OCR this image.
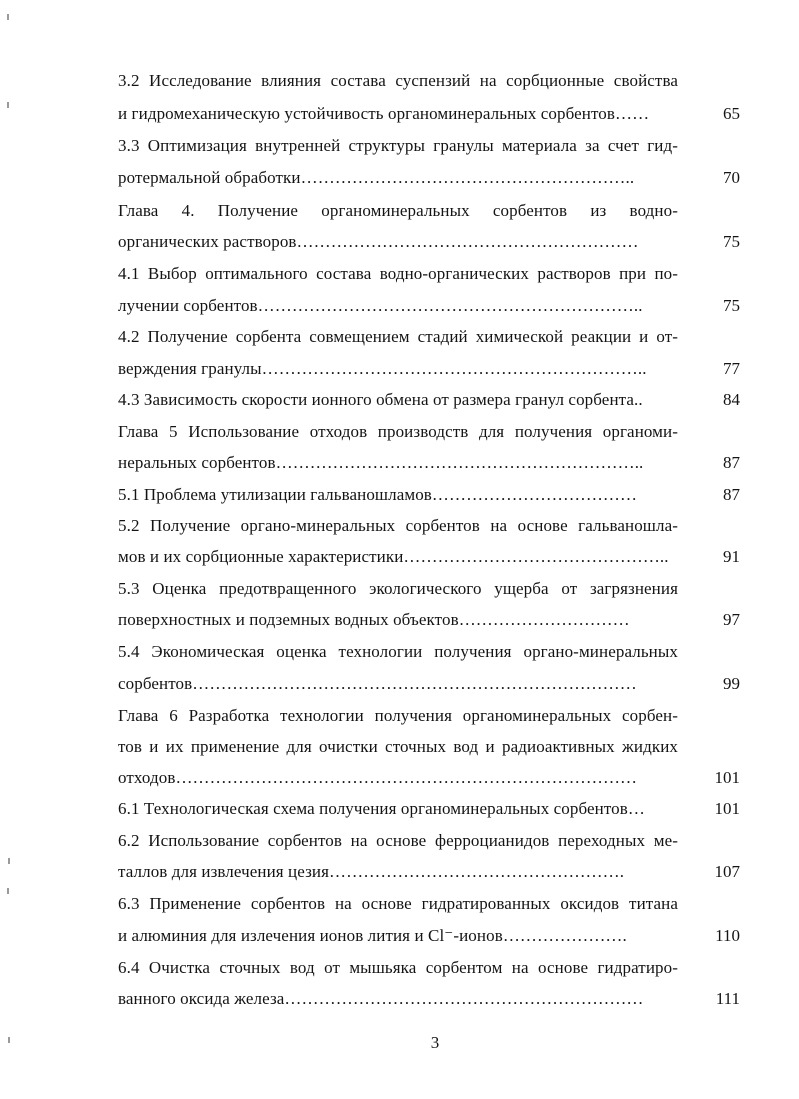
3.2 Исследование влияния состава суспензий на сорбционные свойства
и гидромеханическую устойчивость органоминеральных сорбентов……	65
3.3 Оптимизация внутренней структуры гранулы материала за счет гид-
ротермальной обработки…………………………………………………..	70
Глава 4. Получение органоминеральных сорбентов из водно-
органических растворов……………………………………………………	75
4.1 Выбор оптимального состава водно-органических растворов при по-
лучении сорбентов…………………………………………………………..	75
4.2 Получение сорбента совмещением стадий химической реакции и от-
верждения гранулы…………………………………………………………..	77
4.3 Зависимость скорости ионного обмена от размера гранул сорбента..	84
Глава 5 Использование отходов производств для получения органоми-
неральных сорбентов………………………………………………………..	87
5.1 Проблема утилизации гальваношламов………………………………	87
5.2 Получение органо-минеральных сорбентов на основе гальваношла-
мов и их сорбционные характеристики………………………………………..	91
5.3 Оценка предотвращенного экологического ущерба от загрязнения
поверхностных и подземных водных объектов…………………………	97
5.4 Экономическая оценка технологии получения органо-минеральных
сорбентов……………………………………………………………………	99
Глава 6 Разработка технологии получения органоминеральных сорбен-
тов и их применение для очистки сточных вод и радиоактивных жидких
отходов………………………………………………………………………	101
6.1 Технологическая схема получения органоминеральных сорбентов…	101
6.2 Использование сорбентов на основе ферроцианидов переходных ме-
таллов для извлечения цезия…………………………………………….	107
6.3 Применение сорбентов на основе гидратированных оксидов титана
и алюминия для излечения ионов лития и Cl⁻-ионов………………….	110
6.4 Очистка сточных вод от мышьяка сорбентом на основе гидратиро-
ванного оксида железа………………………………………………………	111
3
